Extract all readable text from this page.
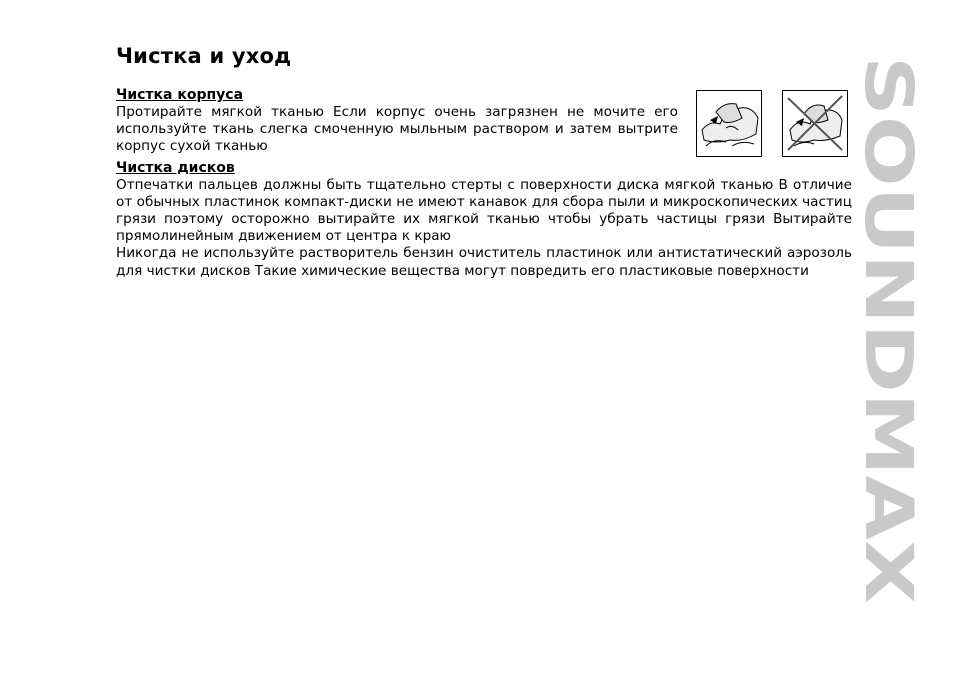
Чистка и уход

Чистка корпуса

Протирайте мягкой тканью Если корпус очень загрязнен не мочите его используйте ткань слегка смоченную мыльным раствором и затем вытрите корпус сухой тканью

Чистка дисков

Отпечатки пальцев должны быть тщательно стерты с поверхности диска мягкой тканью В отличие от обычных пластинок компакт-диски не имеют канавок для сбора пыли и микроскопических частиц грязи поэтому осторожно вытирайте их мягкой тканью чтобы убрать частицы грязи Вытирайте прямолинейным движением от центра к краю

Никогда не используйте растворитель бензин очиститель пластинок или антистатический аэрозоль для чистки дисков Такие химические вещества могут повредить его пластиковые поверхности SOUNDMAX
